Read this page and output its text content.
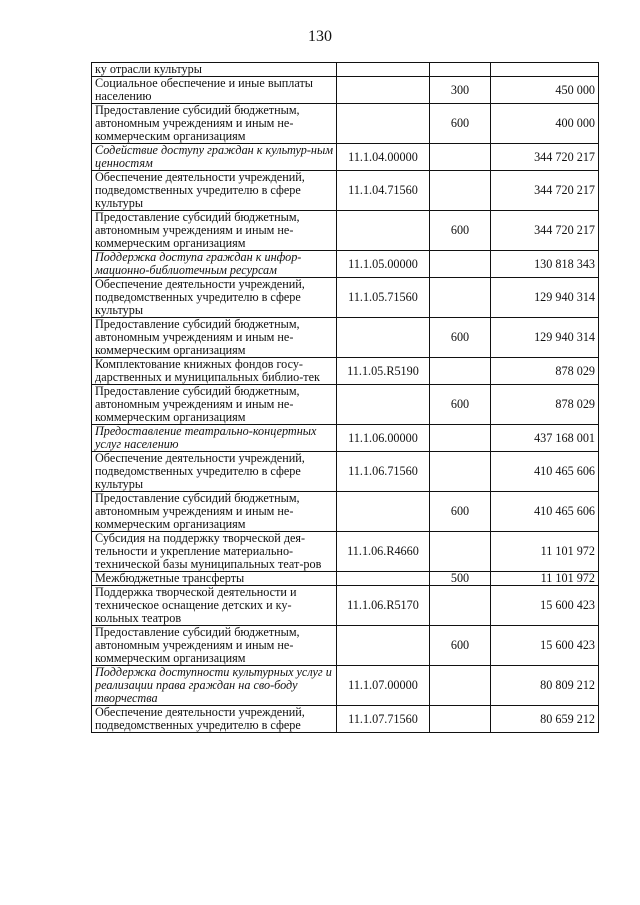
130
ку отрасли культуры			
Социальное обеспечение и иные выплаты населению		300	450 000
Предоставление субсидий бюджетным, автономным учреждениям и иным не-коммерческим организациям		600	400 000
Содействие доступу граждан к культур-ным ценностям	11.1.04.00000		344 720 217
Обеспечение деятельности учреждений, подведомственных учредителю в сфере культуры	11.1.04.71560		344 720 217
Предоставление субсидий бюджетным, автономным учреждениям и иным не-коммерческим организациям		600	344 720 217
Поддержка доступа граждан к инфор-мационно-библиотечным ресурсам	11.1.05.00000		130 818 343
Обеспечение деятельности учреждений, подведомственных учредителю в сфере культуры	11.1.05.71560		129 940 314
Предоставление субсидий бюджетным, автономным учреждениям и иным не-коммерческим организациям		600	129 940 314
Комплектование книжных фондов госу-дарственных и муниципальных библио-тек	11.1.05.R5190		878 029
Предоставление субсидий бюджетным, автономным учреждениям и иным не-коммерческим организациям		600	878 029
Предоставление театрально-концертных услуг населению	11.1.06.00000		437 168 001
Обеспечение деятельности учреждений, подведомственных учредителю в сфере культуры	11.1.06.71560		410 465 606
Предоставление субсидий бюджетным, автономным учреждениям и иным не-коммерческим организациям		600	410 465 606
Субсидия на поддержку творческой дея-тельности и укрепление материально-технической базы муниципальных теат-ров	11.1.06.R4660		11 101 972
Межбюджетные трансферты		500	11 101 972
Поддержка творческой деятельности и техническое оснащение детских и ку-кольных театров	11.1.06.R5170		15 600 423
Предоставление субсидий бюджетным, автономным учреждениям и иным не-коммерческим организациям		600	15 600 423
Поддержка доступности культурных услуг и реализации права граждан на сво-боду творчества	11.1.07.00000		80 809 212
Обеспечение деятельности учреждений, подведомственных учредителю в сфере	11.1.07.71560		80 659 212
